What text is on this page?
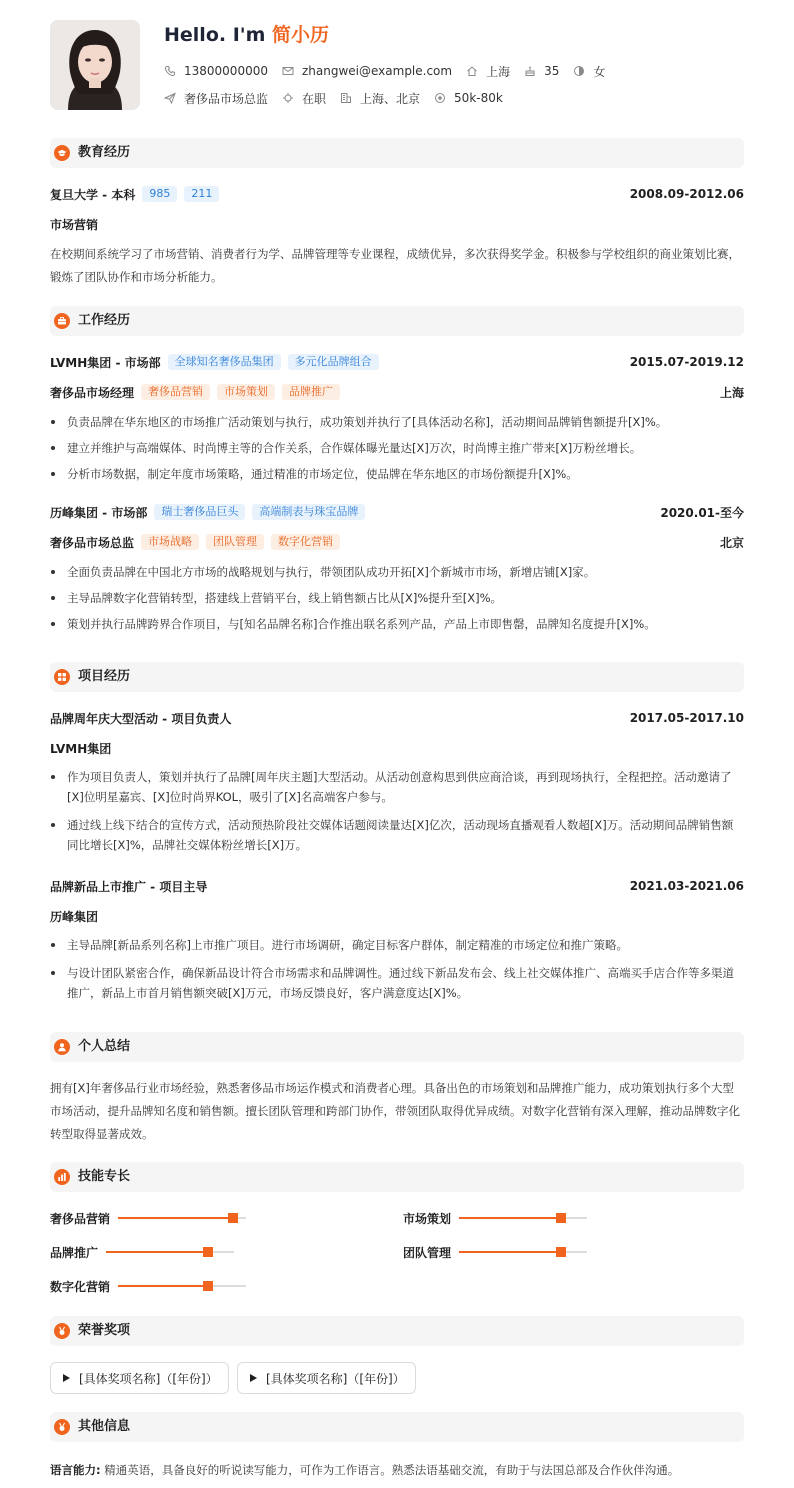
Hello. I'm 简小历
13800000000	zhangwei@example.com	上海	35	女
奢侈品市场总监	在职	上海、北京	50k-80k
教育经历
复旦大学 - 本科	985	211	2008.09-2012.06
市场营销

在校期间系统学习了市场营销、消费者行为学、品牌管理等专业课程，成绩优异，多次获得奖学金。积极参与学校组织的商业策划比赛，锻炼了团队协作和市场分析能力。

工作经历
LVMH集团 - 市场部	全球知名奢侈品集团	多元化品牌组合	2015.07-2019.12
奢侈品市场经理	奢侈品营销	市场策划	品牌推广	上海
负责品牌在华东地区的市场推广活动策划与执行，成功策划并执行了[具体活动名称]，活动期间品牌销售额提升[X]%。
建立并维护与高端媒体、时尚博主等的合作关系，合作媒体曝光量达[X]万次，时尚博主推广带来[X]万粉丝增长。
分析市场数据，制定年度市场策略，通过精准的市场定位，使品牌在华东地区的市场份额提升[X]%。
历峰集团 - 市场部	瑞士奢侈品巨头	高端制表与珠宝品牌	2020.01-至今
奢侈品市场总监	市场战略	团队管理	数字化营销	北京
全面负责品牌在中国北方市场的战略规划与执行，带领团队成功开拓[X]个新城市市场，新增店铺[X]家。
主导品牌数字化营销转型，搭建线上营销平台，线上销售额占比从[X]%提升至[X]%。
策划并执行品牌跨界合作项目，与[知名品牌名称]合作推出联名系列产品，产品上市即售罄，品牌知名度提升[X]%。
项目经历
品牌周年庆大型活动 - 项目负责人	2017.05-2017.10
LVMH集团
作为项目负责人，策划并执行了品牌[周年庆主题]大型活动。从活动创意构思到供应商洽谈，再到现场执行，全程把控。活动邀请了[X]位明星嘉宾、[X]位时尚界KOL，吸引了[X]名高端客户参与。
通过线上线下结合的宣传方式，活动预热阶段社交媒体话题阅读量达[X]亿次，活动现场直播观看人数超[X]万。活动期间品牌销售额同比增长[X]%，品牌社交媒体粉丝增长[X]万。
品牌新品上市推广 - 项目主导	2021.03-2021.06
历峰集团
主导品牌[新品系列名称]上市推广项目。进行市场调研，确定目标客户群体，制定精准的市场定位和推广策略。
与设计团队紧密合作，确保新品设计符合市场需求和品牌调性。通过线下新品发布会、线上社交媒体推广、高端买手店合作等多渠道推广，新品上市首月销售额突破[X]万元，市场反馈良好，客户满意度达[X]%。
个人总结

拥有[X]年奢侈品行业市场经验，熟悉奢侈品市场运作模式和消费者心理。具备出色的市场策划和品牌推广能力，成功策划执行多个大型市场活动，提升品牌知名度和销售额。擅长团队管理和跨部门协作，带领团队取得优异成绩。对数字化营销有深入理解，推动品牌数字化转型取得显著成效。

技能专长
奢侈品营销	市场策划
品牌推广	团队管理
数字化营销
荣誉奖项
[具体奖项名称]（[年份]）	[具体奖项名称]（[年份]）
其他信息
语言能力: 精通英语，具备良好的听说读写能力，可作为工作语言。熟悉法语基础交流，有助于与法国总部及合作伙伴沟通。
